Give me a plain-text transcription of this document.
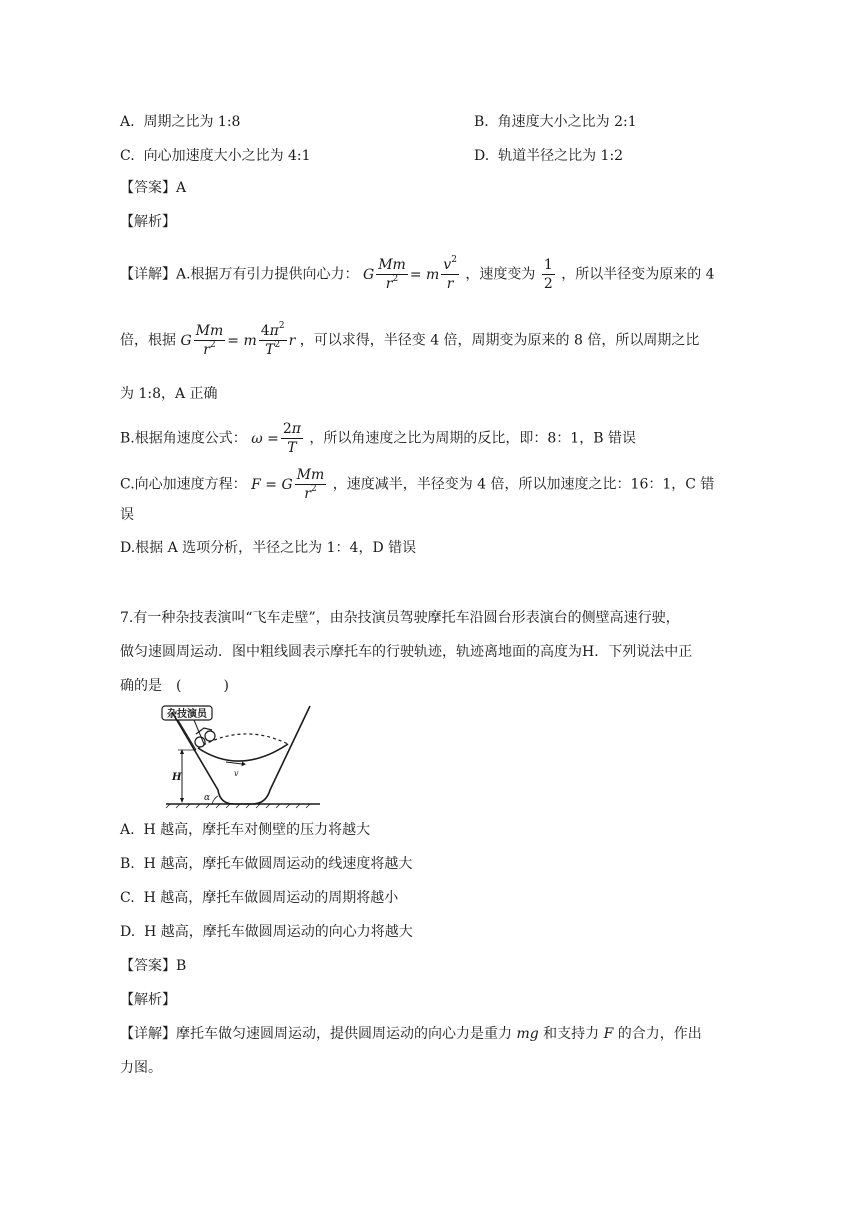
A. 周期之比为 1:8	B. 角速度大小之比为 2:1
C. 向心加速度大小之比为 4:1	D. 轨道半径之比为 1:2
【答案】A
【解析】
【详解】A.根据万有引力提供向心力： G $\frac{Mm}{r^2} = m \frac{v^2}{r}$ ，速度变为 $\frac{1}{2}$ ，所以半径变为原来的 4
倍，根据 G $\frac{Mm}{r^2} = m \frac{4\pi^2}{T^2}$ r ，可以求得，半径变 4 倍，周期变为原来的 8 倍，所以周期之比
为 1:8，A 正确
B.根据角速度公式： $\omega = \frac{2\pi}{T}$ ，所以角速度之比为周期的反比，即：8：1，B 错误
C.向心加速度方程： F = G $\frac{Mm}{r^2}$ ，速度减半，半径变为 4 倍，所以加速度之比：16：1，C 错
误
D.根据 A 选项分析，半径之比为 1：4，D 错误
7.有一种杂技表演叫“飞车走壁”，由杂技演员驾驶摩托车沿圆台形表演台的侧壁高速行驶，
做匀速圆周运动．图中粗线圆表示摩托车的行驶轨迹，轨迹离地面的高度为H．下列说法中正
确的是　(　　　)
杂技演员
v
H
α
A. H 越高，摩托车对侧壁的压力将越大
B. H 越高，摩托车做圆周运动的线速度将越大
C. H 越高，摩托车做圆周运动的周期将越小
D. H 越高，摩托车做圆周运动的向心力将越大
【答案】B
【解析】
【详解】摩托车做匀速圆周运动，提供圆周运动的向心力是重力 mg 和支持力 F 的合力，作出
力图。
